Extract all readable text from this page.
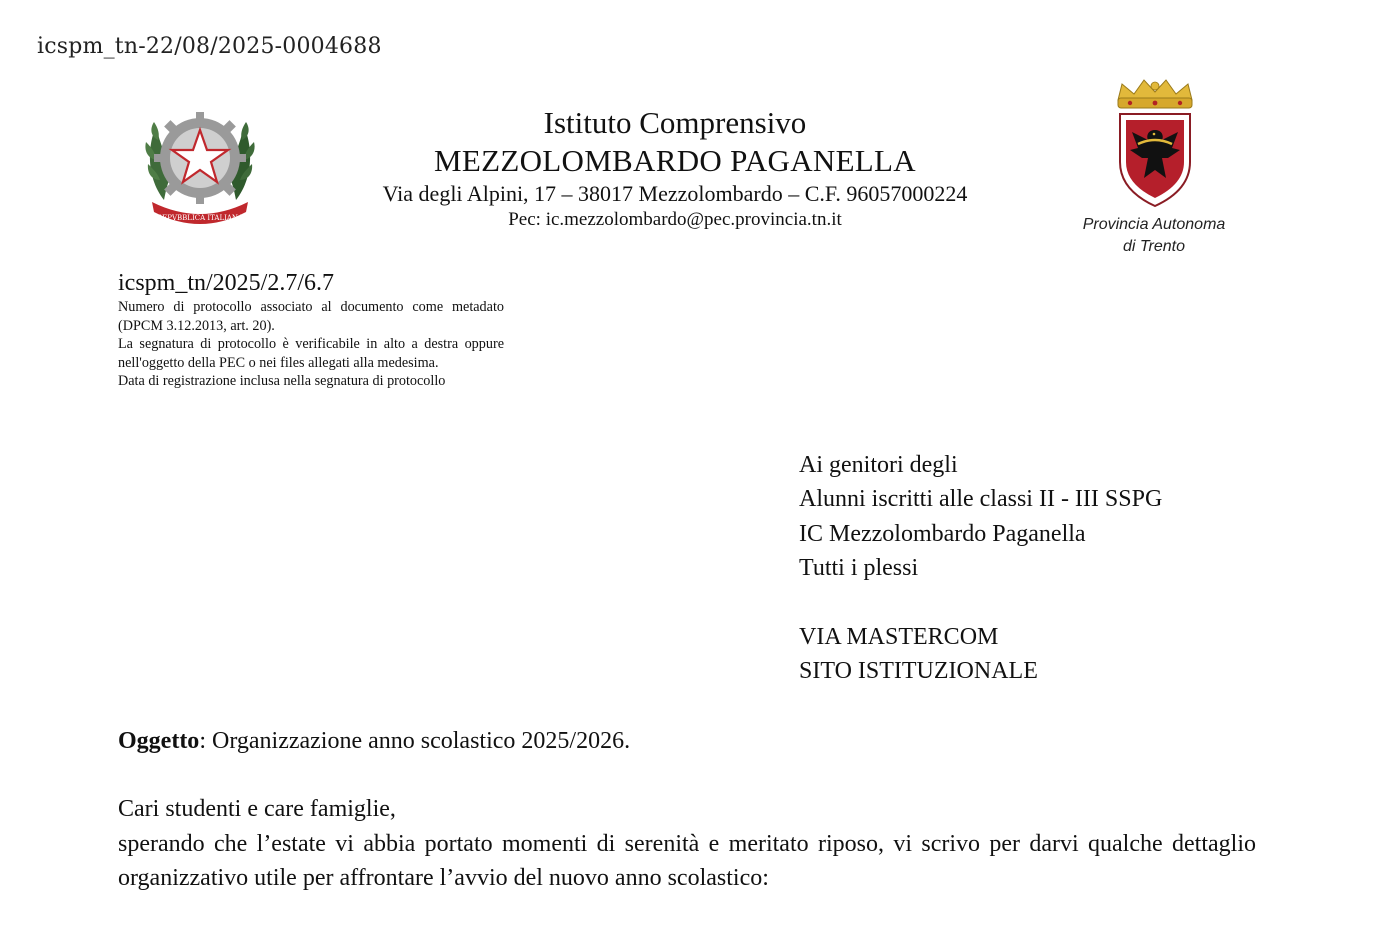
icspm_tn-22/08/2025-0004688
REPVBBLICA ITALIANA
Istituto Comprensivo
MEZZOLOMBARDO PAGANELLA
Via degli Alpini, 17 – 38017 Mezzolombardo – C.F. 96057000224
Pec: ic.mezzolombardo@pec.provincia.tn.it	Provincia Autonoma
di Trento
icspm_tn/2025/2.7/6.7

Numero di protocollo associato al documento come metadato (DPCM 3.12.2013, art. 20).

La segnatura di protocollo è verificabile in alto a destra oppure nell'oggetto della PEC o nei files allegati alla medesima.

Data di registrazione inclusa nella segnatura di protocollo

Ai genitori degli
Alunni iscritti alle classi II - III SSPG
IC Mezzolombardo Paganella
Tutti i plessi
VIA MASTERCOM
SITO ISTITUZIONALE
Oggetto: Organizzazione anno scolastico 2025/2026.

Cari studenti e care famiglie,

sperando che l’estate vi abbia portato momenti di serenità e meritato riposo, vi scrivo per darvi qualche dettaglio organizzativo utile per affrontare l’avvio del nuovo anno scolastico:
